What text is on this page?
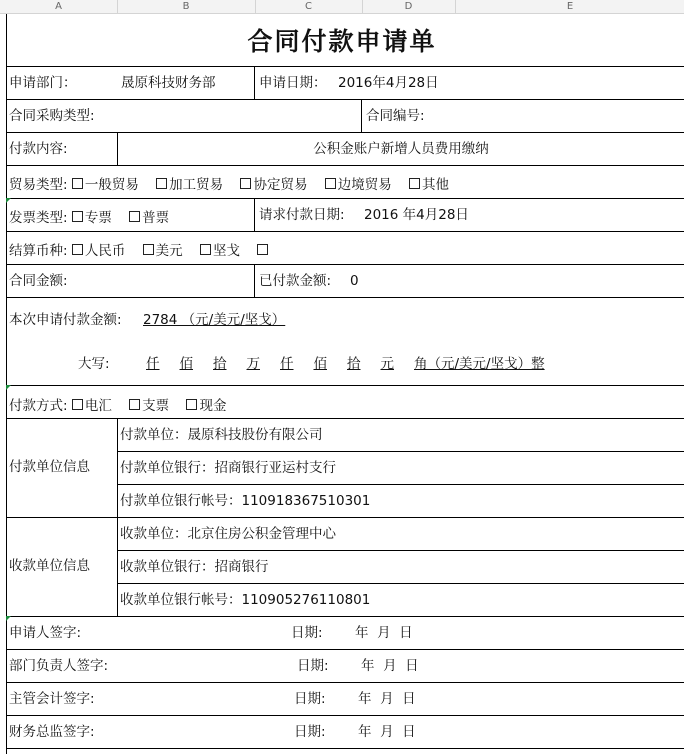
A	B	C	D	E
合同付款申请单
申请部门：	晟原科技财务部	申请日期： 2016年4月28日
合同采购类型:	合同编号:
付款内容:	公积金账户新增人员费用缴纳
贸易类型: 一般贸易 加工贸易 协定贸易 边境贸易 其他
发票类型: 专票 普票	请求付款日期: 2016 年4月28日
结算币种: 人民币 美元 坚戈
合同金额:	已付款金额: 0
本次申请付款金额: 2784 （元/美元/坚戈）
大写:	仟 佰 拾 万 仟 佰 拾 元 角（元/美元/坚戈）整
付款方式: 电汇 支票 现金
付款单位信息
付款单位：晟原科技股份有限公司
付款单位银行：招商银行亚运村支行
付款单位银行帐号：110918367510301
收款单位信息
收款单位：北京住房公积金管理中心
收款单位银行：招商银行
收款单位银行帐号：110905276110801
申请人签字:	日期: 年  月  日
部门负责人签字:	日期: 年  月  日
主管会计签字:	日期: 年  月  日
财务总监签字:	日期: 年  月  日
